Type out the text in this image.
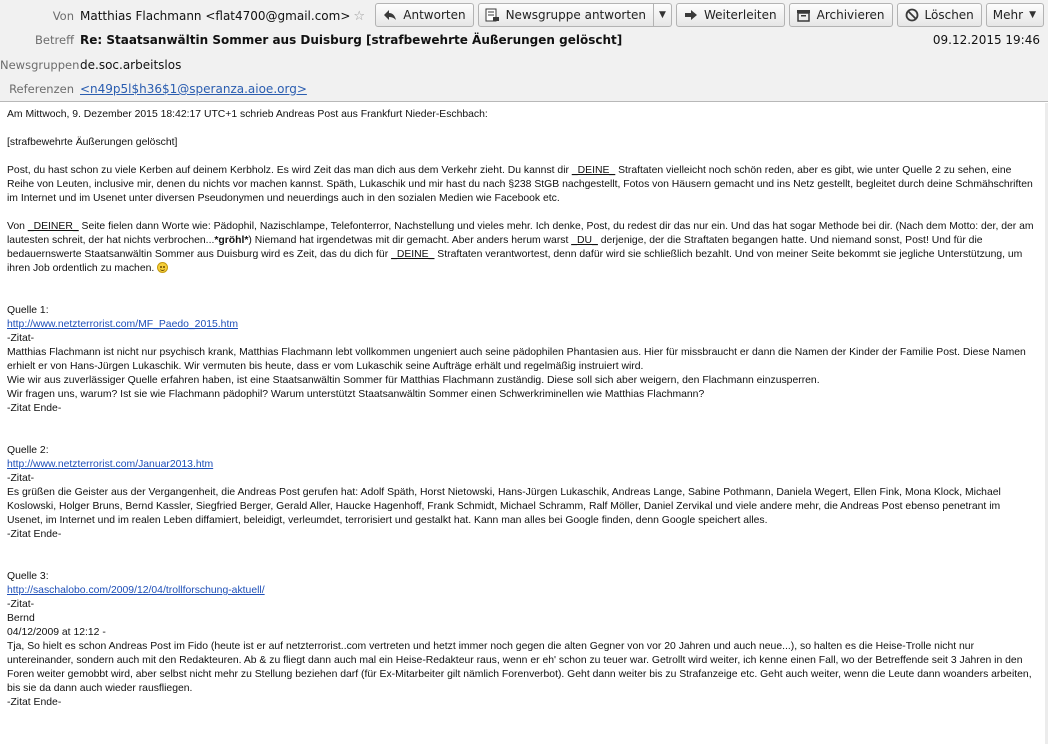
Von Matthias Flachmann <flat4700@gmail.com> ☆	Antworten	Newsgruppe antworten ▼	Weiterleiten	Archivieren	Löschen Mehr ▼
Betreff Re: Staatsanwältin Sommer aus Duisburg [strafbewehrte Äußerungen gelöscht]	09.12.2015 19:46
Newsgruppen de.soc.arbeitslos
Referenzen <n49p5l$h36$1@speranza.aioe.org>
Am Mittwoch, 9. Dezember 2015 18:42:17 UTC+1 schrieb Andreas Post aus Frankfurt Nieder-Eschbach:
[strafbewehrte Äußerungen gelöscht]
Post, du hast schon zu viele Kerben auf deinem Kerbholz. Es wird Zeit das man dich aus dem Verkehr zieht. Du kannst dir _DEINE_ Straftaten vielleicht noch schön reden, aber es gibt, wie unter Quelle 2 zu sehen, eine Reihe von Leuten, inclusive mir, denen du nichts vor machen kannst. Späth, Lukaschik und mir hast du nach §238 StGB nachgestellt, Fotos von Häusern gemacht und ins Netz gestellt, begleitet durch deine Schmähschriften im Internet und im Usenet unter diversen Pseudonymen und neuerdings auch in den sozialen Medien wie Facebook etc.
Von _DEINER_ Seite fielen dann Worte wie: Pädophil, Nazischlampe, Telefonterror, Nachstellung und vieles mehr. Ich denke, Post, du redest dir das nur ein. Und das hat sogar Methode bei dir. (Nach dem Motto: der, der am lautesten schreit, der hat nichts verbrochen...*gröhl*) Niemand hat irgendetwas mit dir gemacht. Aber anders herum warst _DU_ derjenige, der die Straftaten begangen hatte. Und niemand sonst, Post! Und für die bedauernswerte Staatsanwältin Sommer aus Duisburg wird es Zeit, das du dich für _DEINE_ Straftaten verantwortest, denn dafür wird sie schließlich bezahlt. Und von meiner Seite bekommt sie jegliche Unterstützung, um ihren Job ordentlich zu machen.
Quelle 1:
http://www.netzterrorist.com/MF_Paedo_2015.htm
-Zitat-
Matthias Flachmann ist nicht nur psychisch krank, Matthias Flachmann lebt vollkommen ungeniert auch seine pädophilen Phantasien aus. Hier für missbraucht er dann die Namen der Kinder der Familie Post. Diese Namen erhielt er von Hans-Jürgen Lukaschik. Wir vermuten bis heute, dass er vom Lukaschik seine Aufträge erhält und regelmäßig instruiert wird.
Wie wir aus zuverlässiger Quelle erfahren haben, ist eine Staatsanwältin Sommer für Matthias Flachmann zuständig. Diese soll sich aber weigern, den Flachmann einzusperren.
Wir fragen uns, warum? Ist sie wie Flachmann pädophil? Warum unterstützt Staatsanwältin Sommer einen Schwerkriminellen wie Matthias Flachmann?
-Zitat Ende-
Quelle 2:
http://www.netzterrorist.com/Januar2013.htm
-Zitat-
Es grüßen die Geister aus der Vergangenheit, die Andreas Post gerufen hat: Adolf Späth, Horst Nietowski, Hans-Jürgen Lukaschik, Andreas Lange, Sabine Pothmann, Daniela Wegert, Ellen Fink, Mona Klock, Michael Koslowski, Holger Bruns, Bernd Kassler, Siegfried Berger, Gerald Aller, Haucke Hagenhoff, Frank Schmidt, Michael Schramm, Ralf Möller, Daniel Zervikal und viele andere mehr, die Andreas Post ebenso penetrant im Usenet, im Internet und im realen Leben diffamiert, beleidigt, verleumdet, terrorisiert und gestalkt hat. Kann man alles bei Google finden, denn Google speichert alles.
-Zitat Ende-
Quelle 3:
http://saschalobo.com/2009/12/04/trollforschung-aktuell/
-Zitat-
Bernd
04/12/2009 at 12:12 -
Tja, So hielt es schon Andreas Post im Fido (heute ist er auf netzterrorist..com vertreten und hetzt immer noch gegen die alten Gegner von vor 20 Jahren und auch neue...), so halten es die Heise-Trolle nicht nur untereinander, sondern auch mit den Redakteuren. Ab & zu fliegt dann auch mal ein Heise-Redakteur raus, wenn er eh' schon zu teuer war. Getrollt wird weiter, ich kenne einen Fall, wo der Betreffende seit 3 Jahren in den Foren weiter gemobbt wird, aber selbst nicht mehr zu Stellung beziehen darf (für Ex-Mitarbeiter gilt nämlich Forenverbot). Geht dann weiter bis zu Strafanzeige etc. Geht auch weiter, wenn die Leute dann woanders arbeiten, bis sie da dann auch wieder rausfliegen.
-Zitat Ende-
